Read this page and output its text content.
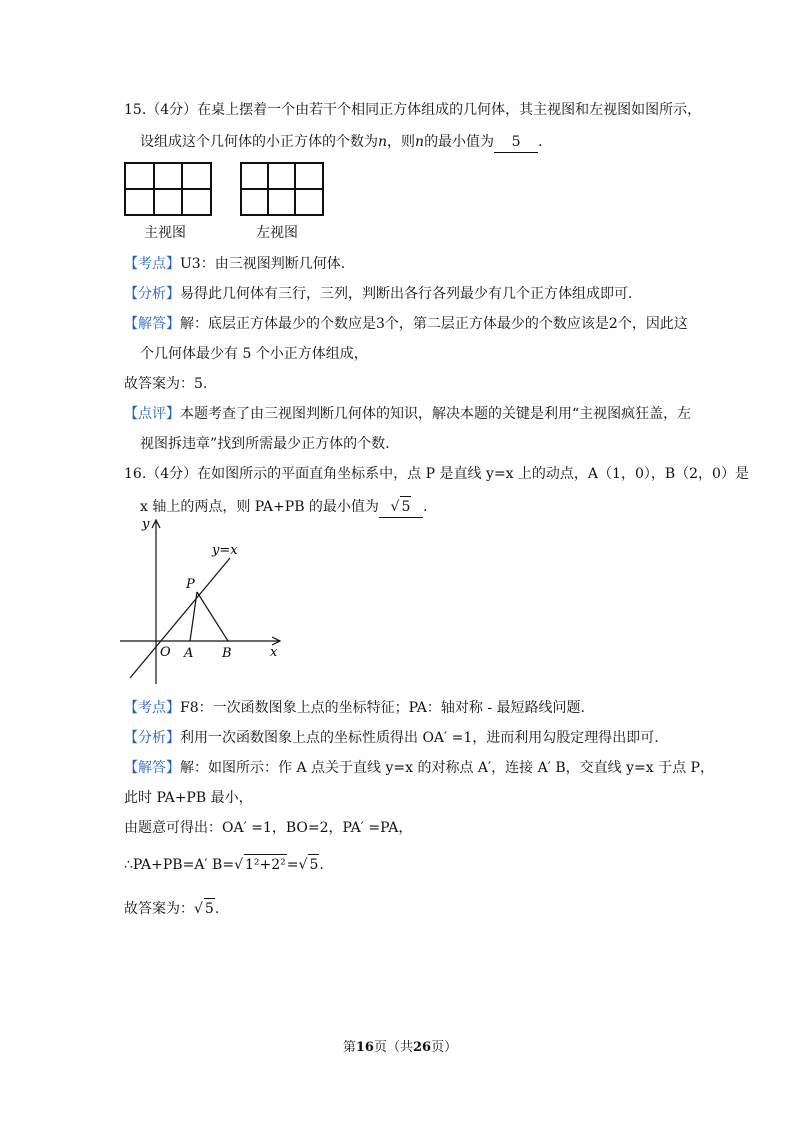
15.（4分）在桌上摆着一个由若干个相同正方体组成的几何体，其主视图和左视图如图所示，
设组成这个几何体的小正方体的个数为n，则n的最小值为 5 .
主视图	左视图
【考点】U3：由三视图判断几何体.
【分析】易得此几何体有三行，三列，判断出各行各列最少有几个正方体组成即可.
【解答】解：底层正方体最少的个数应是3个，第二层正方体最少的个数应该是2个，因此这
个几何体最少有 5 个小正方体组成，
故答案为：5.
【点评】本题考查了由三视图判断几何体的知识，解决本题的关键是利用“主视图疯狂盖，左
视图拆违章”找到所需最少正方体的个数.
16.（4分）在如图所示的平面直角坐标系中，点 P 是直线 y=x 上的动点，A（1，0），B（2，0）是
x 轴上的两点，则 PA+PB 的最小值为 √ 5 .
y
x
y=x
P
O A B
【考点】F8：一次函数图象上点的坐标特征；PA：轴对称 - 最短路线问题.
【分析】利用一次函数图象上点的坐标性质得出 OA′ =1，进而利用勾股定理得出即可.
【解答】解：如图所示：作 A 点关于直线 y=x 的对称点 A′，连接 A′ B，交直线 y=x 于点 P，
此时 PA+PB 最小，
由题意可得出：OA′ =1，BO=2，PA′ =PA，
∴PA+PB=A′ B=√ 1²+2²=√ 5.
故答案为：√ 5.
第16页（共26页）
